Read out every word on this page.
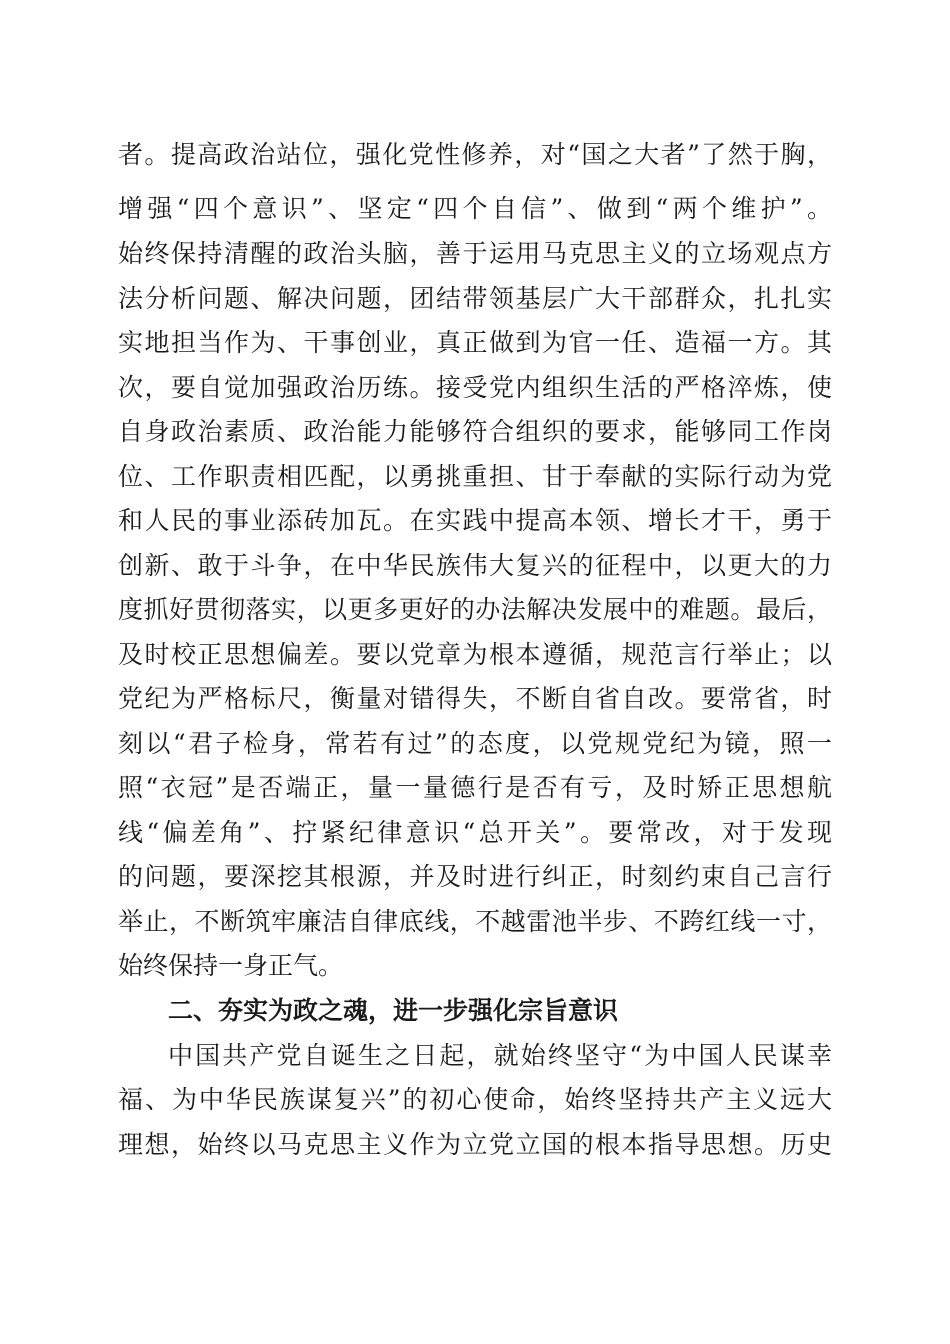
者。提高政治站位，强化党性修养，对“国之大者”了然于胸，
增强“四个意识”、坚定“四个自信”、做到“两个维护”。
始终保持清醒的政治头脑，善于运用马克思主义的立场观点方
法分析问题、解决问题，团结带领基层广大干部群众，扎扎实
实地担当作为、干事创业，真正做到为官一任、造福一方。其
次，要自觉加强政治历练。接受党内组织生活的严格淬炼，使
自身政治素质、政治能力能够符合组织的要求，能够同工作岗
位、工作职责相匹配，以勇挑重担、甘于奉献的实际行动为党
和人民的事业添砖加瓦。在实践中提高本领、增长才干，勇于
创新、敢于斗争，在中华民族伟大复兴的征程中，以更大的力
度抓好贯彻落实，以更多更好的办法解决发展中的难题。最后，
及时校正思想偏差。要以党章为根本遵循，规范言行举止；以
党纪为严格标尺，衡量对错得失，不断自省自改。要常省，时
刻以“君子检身，常若有过”的态度，以党规党纪为镜，照一
照“衣冠”是否端正，量一量德行是否有亏，及时矫正思想航
线“偏差角”、拧紧纪律意识“总开关”。要常改，对于发现
的问题，要深挖其根源，并及时进行纠正，时刻约束自己言行
举止，不断筑牢廉洁自律底线，不越雷池半步、不跨红线一寸，
始终保持一身正气。
二、夯实为政之魂，进一步强化宗旨意识
中国共产党自诞生之日起，就始终坚守“为中国人民谋幸
福、为中华民族谋复兴”的初心使命，始终坚持共产主义远大
理想，始终以马克思主义作为立党立国的根本指导思想。历史
